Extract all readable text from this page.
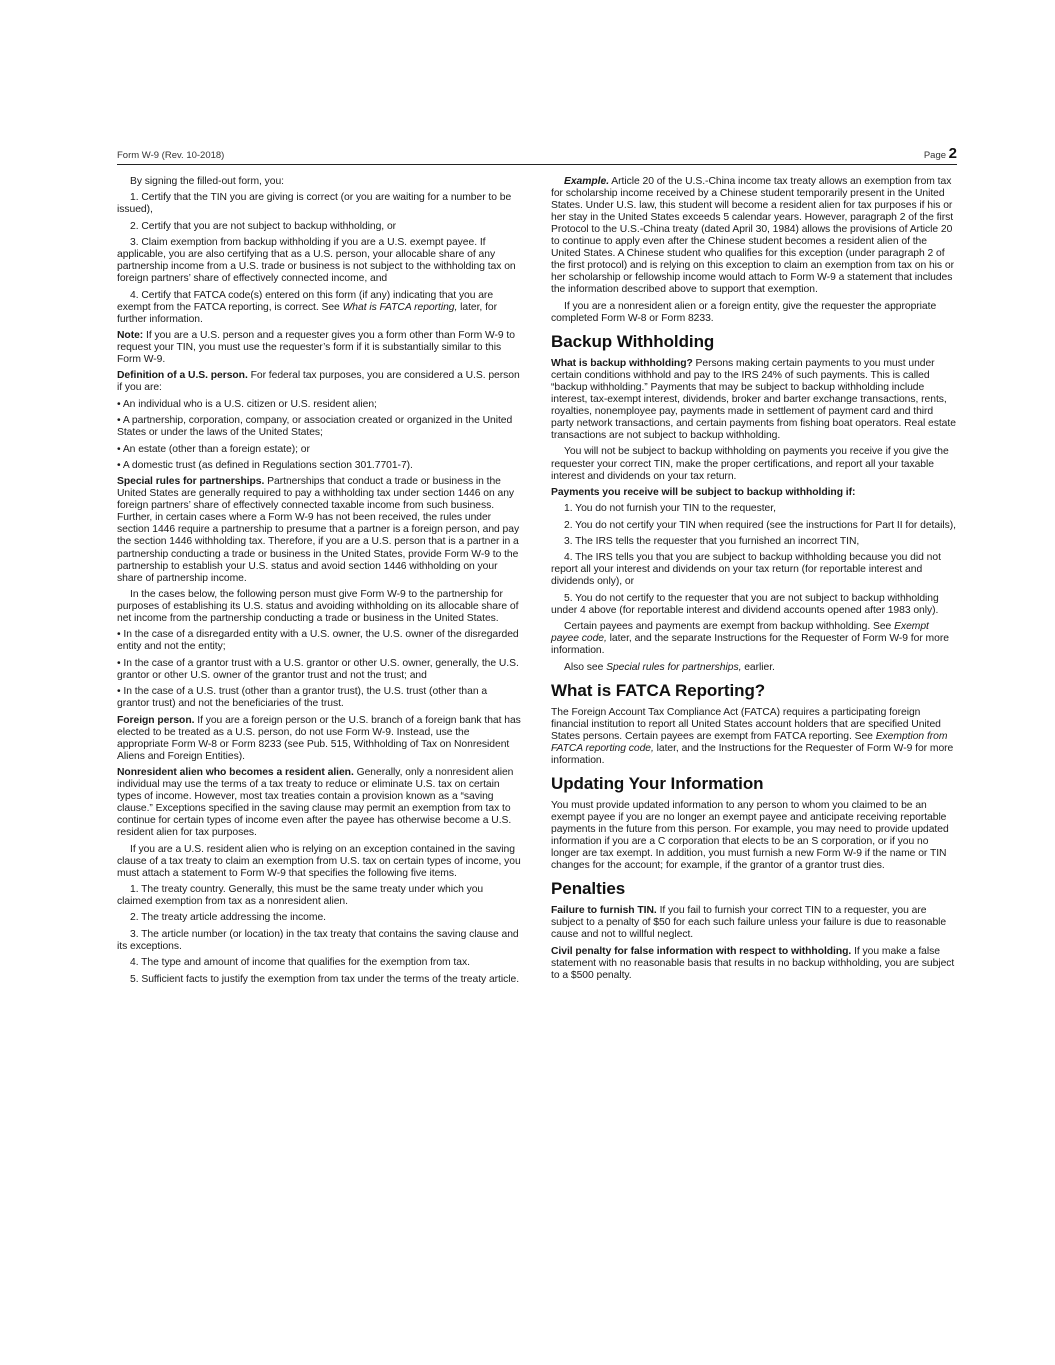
Form W-9 (Rev. 10-2018)	Page 2

By signing the filled-out form, you:

1. Certify that the TIN you are giving is correct (or you are waiting for a number to be issued),

2. Certify that you are not subject to backup withholding, or

3. Claim exemption from backup withholding if you are a U.S. exempt payee. If applicable, you are also certifying that as a U.S. person, your allocable share of any partnership income from a U.S. trade or business is not subject to the withholding tax on foreign partners’ share of effectively connected income, and

4. Certify that FATCA code(s) entered on this form (if any) indicating that you are exempt from the FATCA reporting, is correct. See What is FATCA reporting, later, for further information.

Note: If you are a U.S. person and a requester gives you a form other than Form W-9 to request your TIN, you must use the requester’s form if it is substantially similar to this Form W-9.

Definition of a U.S. person. For federal tax purposes, you are considered a U.S. person if you are:

• An individual who is a U.S. citizen or U.S. resident alien;

• A partnership, corporation, company, or association created or organized in the United States or under the laws of the United States;

• An estate (other than a foreign estate); or

• A domestic trust (as defined in Regulations section 301.7701-7).

Special rules for partnerships. Partnerships that conduct a trade or business in the United States are generally required to pay a withholding tax under section 1446 on any foreign partners’ share of effectively connected taxable income from such business. Further, in certain cases where a Form W-9 has not been received, the rules under section 1446 require a partnership to presume that a partner is a foreign person, and pay the section 1446 withholding tax. Therefore, if you are a U.S. person that is a partner in a partnership conducting a trade or business in the United States, provide Form W-9 to the partnership to establish your U.S. status and avoid section 1446 withholding on your share of partnership income.

In the cases below, the following person must give Form W-9 to the partnership for purposes of establishing its U.S. status and avoiding withholding on its allocable share of net income from the partnership conducting a trade or business in the United States.

• In the case of a disregarded entity with a U.S. owner, the U.S. owner of the disregarded entity and not the entity;

• In the case of a grantor trust with a U.S. grantor or other U.S. owner, generally, the U.S. grantor or other U.S. owner of the grantor trust and not the trust; and

• In the case of a U.S. trust (other than a grantor trust), the U.S. trust (other than a grantor trust) and not the beneficiaries of the trust.

Foreign person. If you are a foreign person or the U.S. branch of a foreign bank that has elected to be treated as a U.S. person, do not use Form W-9. Instead, use the appropriate Form W-8 or Form 8233 (see Pub. 515, Withholding of Tax on Nonresident Aliens and Foreign Entities).

Nonresident alien who becomes a resident alien. Generally, only a nonresident alien individual may use the terms of a tax treaty to reduce or eliminate U.S. tax on certain types of income. However, most tax treaties contain a provision known as a “saving clause.” Exceptions specified in the saving clause may permit an exemption from tax to continue for certain types of income even after the payee has otherwise become a U.S. resident alien for tax purposes.

If you are a U.S. resident alien who is relying on an exception contained in the saving clause of a tax treaty to claim an exemption from U.S. tax on certain types of income, you must attach a statement to Form W-9 that specifies the following five items.

1. The treaty country. Generally, this must be the same treaty under which you claimed exemption from tax as a nonresident alien.

2. The treaty article addressing the income.

3. The article number (or location) in the tax treaty that contains the saving clause and its exceptions.

4. The type and amount of income that qualifies for the exemption from tax.

5. Sufficient facts to justify the exemption from tax under the terms of the treaty article.

Example. Article 20 of the U.S.-China income tax treaty allows an exemption from tax for scholarship income received by a Chinese student temporarily present in the United States. Under U.S. law, this student will become a resident alien for tax purposes if his or her stay in the United States exceeds 5 calendar years. However, paragraph 2 of the first Protocol to the U.S.-China treaty (dated April 30, 1984) allows the provisions of Article 20 to continue to apply even after the Chinese student becomes a resident alien of the United States. A Chinese student who qualifies for this exception (under paragraph 2 of the first protocol) and is relying on this exception to claim an exemption from tax on his or her scholarship or fellowship income would attach to Form W-9 a statement that includes the information described above to support that exemption.

If you are a nonresident alien or a foreign entity, give the requester the appropriate completed Form W-8 or Form 8233.

Backup Withholding

What is backup withholding? Persons making certain payments to you must under certain conditions withhold and pay to the IRS 24% of such payments. This is called “backup withholding.” Payments that may be subject to backup withholding include interest, tax-exempt interest, dividends, broker and barter exchange transactions, rents, royalties, nonemployee pay, payments made in settlement of payment card and third party network transactions, and certain payments from fishing boat operators. Real estate transactions are not subject to backup withholding.

You will not be subject to backup withholding on payments you receive if you give the requester your correct TIN, make the proper certifications, and report all your taxable interest and dividends on your tax return.

Payments you receive will be subject to backup withholding if:

1. You do not furnish your TIN to the requester,

2. You do not certify your TIN when required (see the instructions for Part II for details),

3. The IRS tells the requester that you furnished an incorrect TIN,

4. The IRS tells you that you are subject to backup withholding because you did not report all your interest and dividends on your tax return (for reportable interest and dividends only), or

5. You do not certify to the requester that you are not subject to backup withholding under 4 above (for reportable interest and dividend accounts opened after 1983 only).

Certain payees and payments are exempt from backup withholding. See Exempt payee code, later, and the separate Instructions for the Requester of Form W-9 for more information.

Also see Special rules for partnerships, earlier.

What is FATCA Reporting?

The Foreign Account Tax Compliance Act (FATCA) requires a participating foreign financial institution to report all United States account holders that are specified United States persons. Certain payees are exempt from FATCA reporting. See Exemption from FATCA reporting code, later, and the Instructions for the Requester of Form W-9 for more information.

Updating Your Information

You must provide updated information to any person to whom you claimed to be an exempt payee if you are no longer an exempt payee and anticipate receiving reportable payments in the future from this person. For example, you may need to provide updated information if you are a C corporation that elects to be an S corporation, or if you no longer are tax exempt. In addition, you must furnish a new Form W-9 if the name or TIN changes for the account; for example, if the grantor of a grantor trust dies.

Penalties

Failure to furnish TIN. If you fail to furnish your correct TIN to a requester, you are subject to a penalty of $50 for each such failure unless your failure is due to reasonable cause and not to willful neglect.

Civil penalty for false information with respect to withholding. If you make a false statement with no reasonable basis that results in no backup withholding, you are subject to a $500 penalty.
